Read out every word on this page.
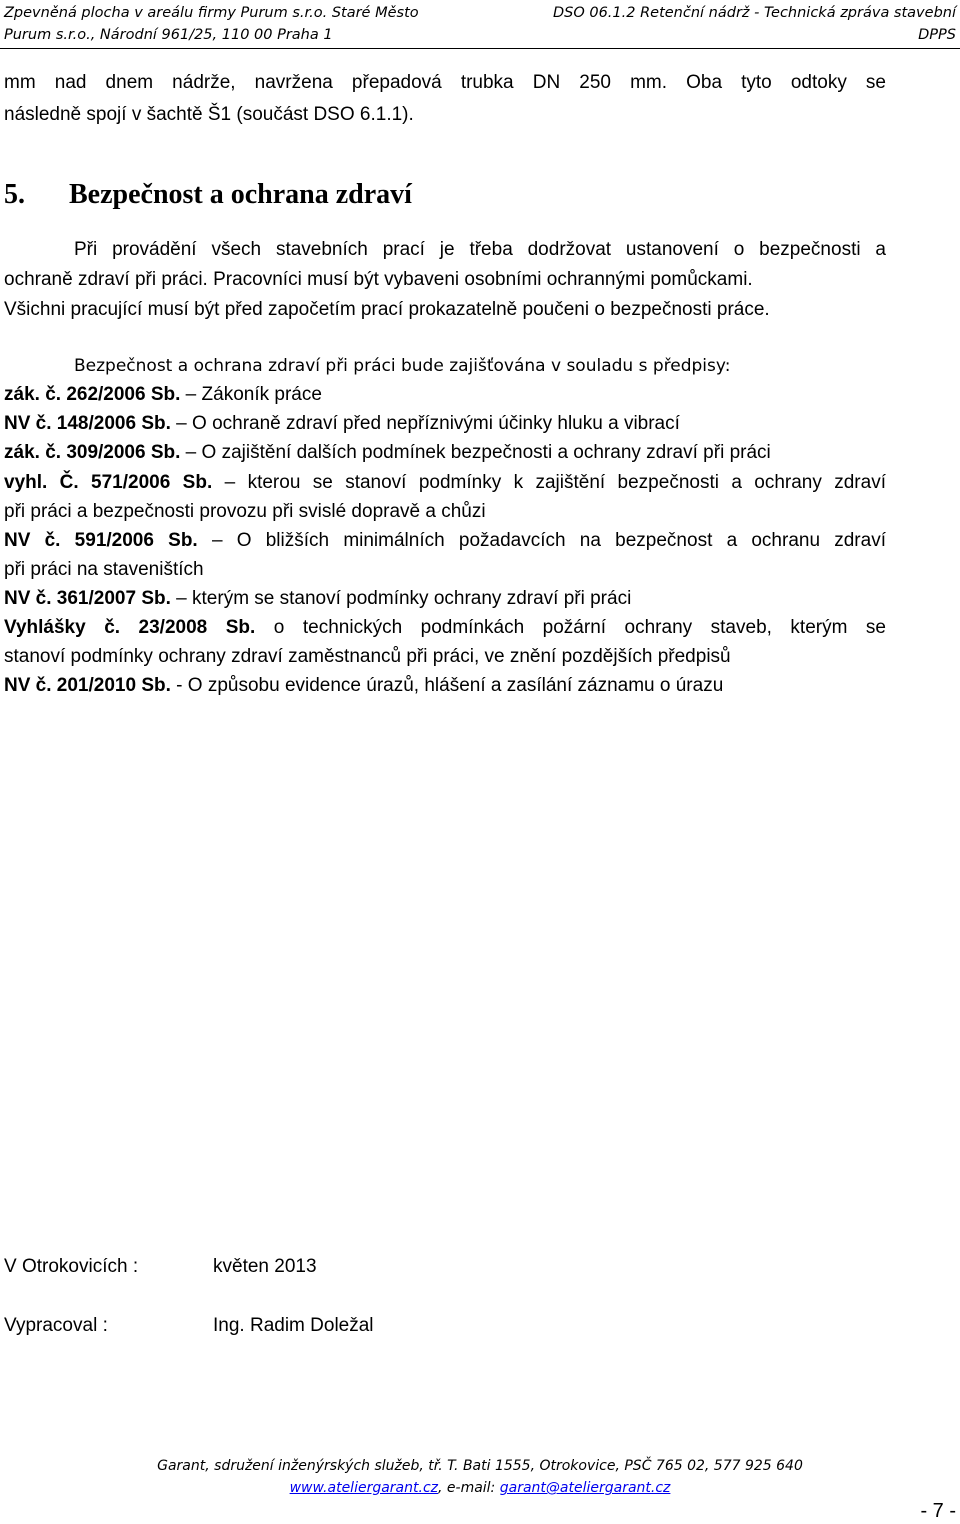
Zpevněná plocha v areálu firmy Purum s.r.o. Staré Město
Purum s.r.o., Národní 961/25, 110 00 Praha 1
DSO 06.1.2 Retenční nádrž - Technická zpráva stavební
DPPS
mm nad dnem nádrže, navržena přepadová trubka DN 250 mm. Oba tyto odtoky se
následně spojí v šachtě Š1 (součást DSO 6.1.1).
5. Bezpečnost a ochrana zdraví
Při provádění všech stavebních prací je třeba dodržovat ustanovení o bezpečnosti a
ochraně zdraví při práci. Pracovníci musí být vybaveni osobními ochrannými pomůckami.
Všichni pracující musí být před započetím prací prokazatelně poučeni o bezpečnosti práce.
Bezpečnost a ochrana zdraví při práci bude zajišťována v souladu s předpisy:
zák. č. 262/2006 Sb. – Zákoník práce
NV č. 148/2006 Sb. – O ochraně zdraví před nepříznivými účinky hluku a vibrací
zák. č. 309/2006 Sb. – O zajištění dalších podmínek bezpečnosti a ochrany zdraví při práci
vyhl. Č. 571/2006 Sb. – kterou se stanoví podmínky k zajištění bezpečnosti a ochrany zdraví
při práci a bezpečnosti provozu při svislé dopravě a chůzi
NV č. 591/2006 Sb. – O bližších minimálních požadavcích na bezpečnost a ochranu zdraví
při práci na staveništích
NV č. 361/2007 Sb. – kterým se stanoví podmínky ochrany zdraví při práci
Vyhlášky č. 23/2008 Sb. o technických podmínkách požární ochrany staveb, kterým se
stanoví podmínky ochrany zdraví zaměstnanců při práci, ve znění pozdějších předpisů
NV č. 201/2010 Sb. - O způsobu evidence úrazů, hlášení a zasílání záznamu o úrazu
V Otrokovicích :	květen 2013
Vypracoval :	Ing. Radim Doležal
Garant, sdružení inženýrských služeb, tř. T. Bati 1555, Otrokovice, PSČ 765 02, 577 925 640
www.ateliergarant.cz, e-mail: garant@ateliergarant.cz
- 7 -
